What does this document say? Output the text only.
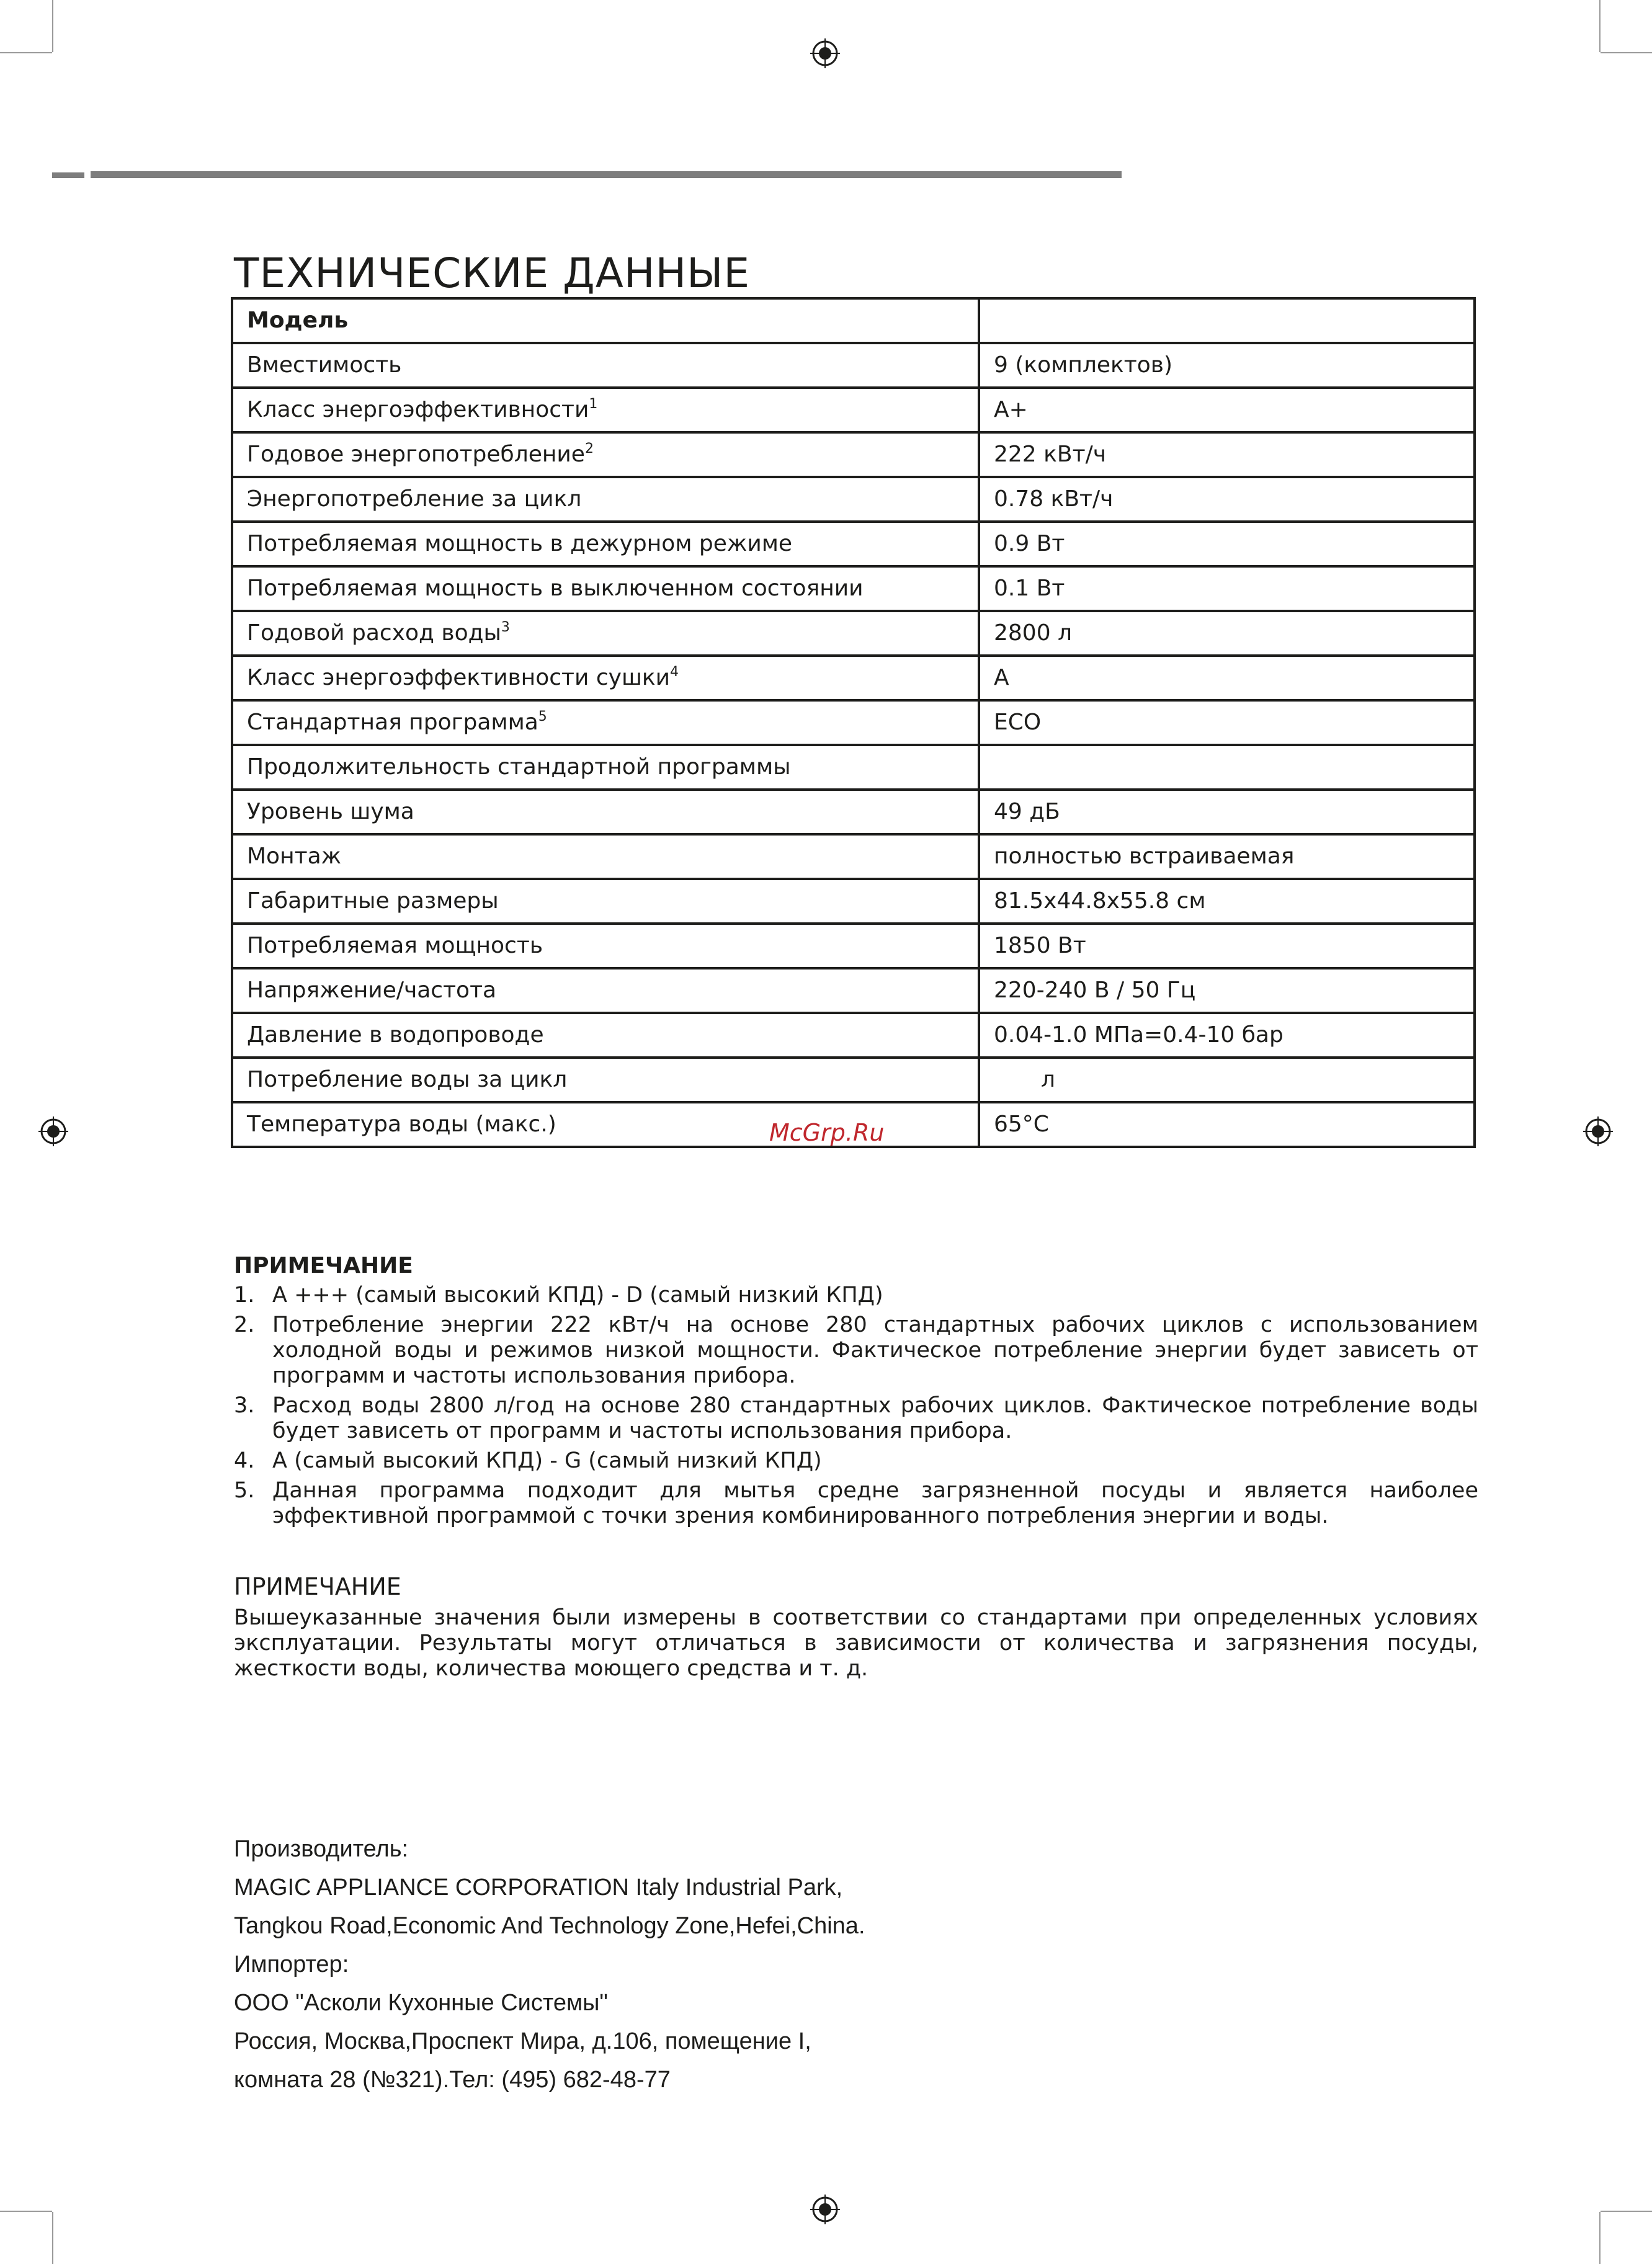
ТЕХНИЧЕСКИЕ ДАННЫЕ
Модель	
Вместимость	9 (комплектов)
Класс энергоэффективности$^1$	A+
Годовое энергопотребление$^2$	222 кВт/ч
Энергопотребление за цикл	0.78 кВт/ч
Потребляемая мощность в дежурном режиме	0.9 Вт
Потребляемая мощность в выключенном состоянии	0.1 Вт
Годовой расход воды$^3$	2800 л
Класс энергоэффективности сушки$^4$	A
Стандартная программа$^5$	ECO
Продолжительность стандартной программы	
Уровень шума	49 дБ
Монтаж	полностью встраиваемая
Габаритные размеры	81.5x44.8x55.8 см
Потребляемая мощность	1850 Вт
Напряжение/частота	220-240 В / 50 Гц
Давление в водопроводе	0.04-1.0 МПа=0.4-10 бар
Потребление воды за цикл	л
Температура воды (макс.)	65°C
McGrp.Ru
ПРИМЕЧАНИЕ
1. A +++ (самый высокий КПД) - D (самый низкий КПД)
2. Потребление энергии 222 кВт/ч на основе 280 стандартных рабочих циклов с использованием холодной воды и режимов низкой мощности. Фактическое потребление энергии будет зависеть от программ и частоты использования прибора.
3. Расход воды 2800 л/год на основе 280 стандартных рабочих циклов. Фактическое потребление воды будет зависеть от программ и частоты использования прибора.
4. A (самый высокий КПД) - G (самый низкий КПД)
5. Данная программа подходит для мытья средне загрязненной посуды и является наиболее эффективной программой с точки зрения комбинированного потребления энергии и воды.
ПРИМЕЧАНИЕ
Вышеуказанные значения были измерены в соответствии со стандартами при определенных условиях эксплуатации. Результаты могут отличаться в зависимости от количества и загрязнения посуды, жесткости воды, количества моющего средства и т. д.
Производитель:
MAGIC APPLIANCE CORPORATION Italy Industrial Park,
Tangkou Road,Economic And Technology Zone,Hefei,China.
Импортер:
ООО "Асколи Кухонные Системы"
Россия, Москва,Проспект Мира, д.106, помещение I,
комната 28 (№321).Тел: (495) 682-48-77
